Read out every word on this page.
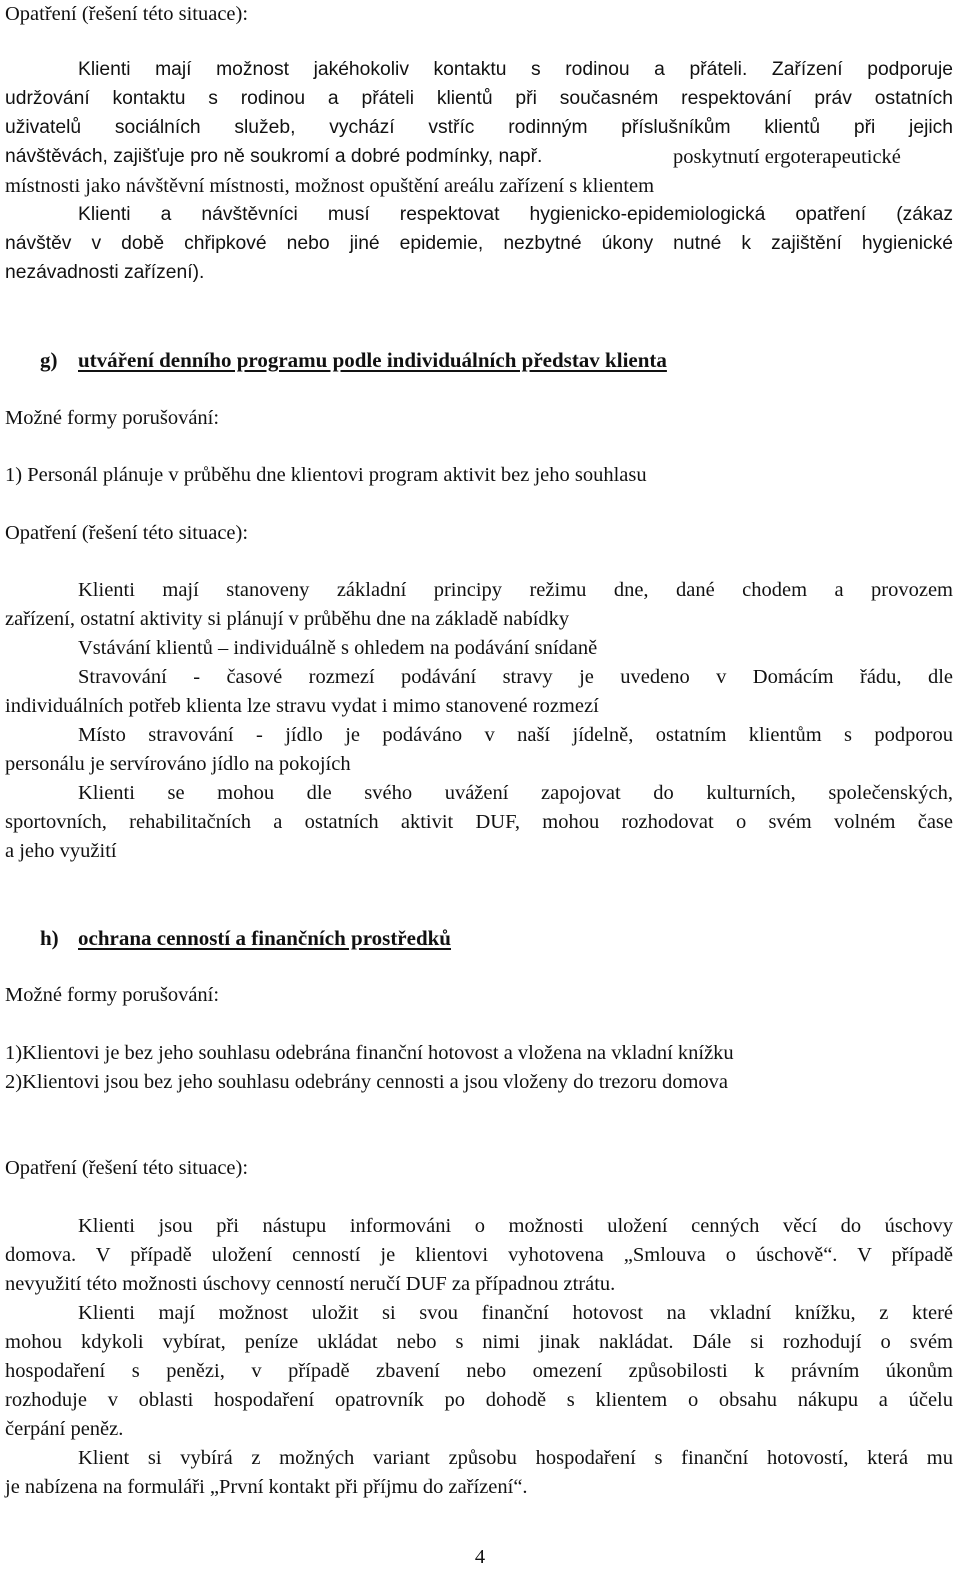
Opatření (řešení této situace):
Klienti mají možnost jakéhokoliv kontaktu s rodinou a přáteli. Zařízení podporuje
udržování kontaktu s rodinou a přáteli klientů při současném respektování práv ostatních
uživatelů sociálních služeb, vychází vstříc rodinným příslušníkům klientů při jejich
návštěvách, zajišťuje pro ně soukromí a dobré podmínky, např.	poskytnutí ergoterapeutické
místnosti jako návštěvní místnosti, možnost opuštění areálu zařízení s klientem
Klienti a návštěvníci musí respektovat hygienicko-epidemiologická opatření (zákaz
návštěv v době chřipkové nebo jiné epidemie, nezbytné úkony nutné k zajištění hygienické
nezávadnosti zařízení).
g) utváření denního programu podle individuálních představ klienta
Možné formy porušování:
1) Personál plánuje v průběhu dne klientovi program aktivit bez jeho souhlasu
Opatření (řešení této situace):
Klienti mají stanoveny základní principy režimu dne, dané chodem a provozem
zařízení, ostatní aktivity si plánují v průběhu dne na základě nabídky
Vstávání klientů – individuálně s ohledem na podávání snídaně
Stravování - časové rozmezí podávání stravy je uvedeno v Domácím řádu, dle
individuálních potřeb klienta lze stravu vydat i mimo stanovené rozmezí
Místo stravování - jídlo je podáváno v naší jídelně, ostatním klientům s podporou
personálu je servírováno jídlo na pokojích
Klienti se mohou dle svého uvážení zapojovat do kulturních, společenských,
sportovních, rehabilitačních a ostatních aktivit DUF, mohou rozhodovat o svém volném čase
a jeho využití
h) ochrana cenností a finančních prostředků
Možné formy porušování:
1)Klientovi je bez jeho souhlasu odebrána finanční hotovost a vložena na vkladní knížku
2)Klientovi jsou bez jeho souhlasu odebrány cennosti a jsou vloženy do trezoru domova
Opatření (řešení této situace):
Klienti jsou při nástupu informováni o možnosti uložení cenných věcí do úschovy
domova. V případě uložení cenností je klientovi vyhotovena „Smlouva o úschově“. V případě
nevyužití této možnosti úschovy cenností neručí DUF za případnou ztrátu.
Klienti mají možnost uložit si svou finanční hotovost na vkladní knížku, z které
mohou kdykoli vybírat, peníze ukládat nebo s nimi jinak nakládat. Dále si rozhodují o svém
hospodaření s penězi, v případě zbavení nebo omezení způsobilosti k právním úkonům
rozhoduje v oblasti hospodaření opatrovník po dohodě s klientem o obsahu nákupu a účelu
čerpání peněz.
Klient si vybírá z možných variant způsobu hospodaření s finanční hotovostí, která mu
je nabízena na formuláři „První kontakt při příjmu do zařízení“.
4
